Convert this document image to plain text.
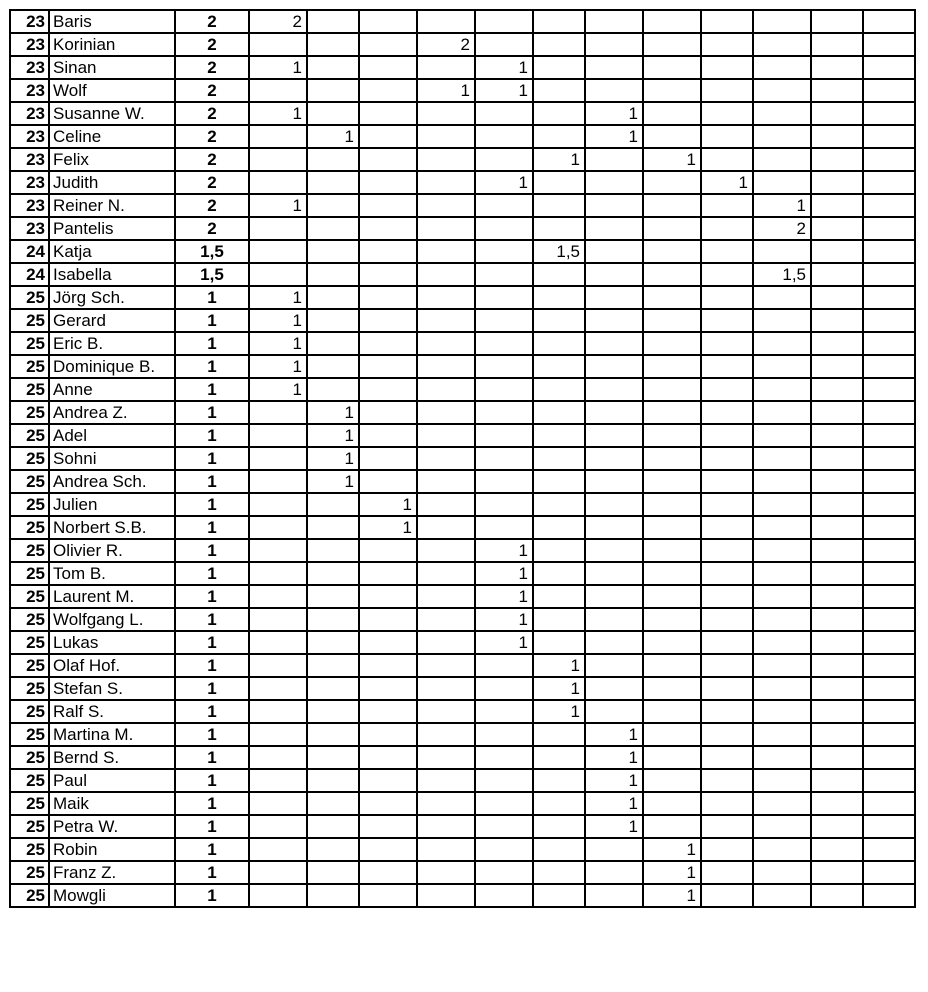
23	Baris	2	2											
23	Korinian	2				2								
23	Sinan	2	1				1							
23	Wolf	2				1	1							
23	Susanne W.	2	1						1					
23	Celine	2		1					1					
23	Felix	2						1		1				
23	Judith	2					1				1			
23	Reiner N.	2	1									1		
23	Pantelis	2										2		
24	Katja	1,5						1,5						
24	Isabella	1,5										1,5		
25	Jörg Sch.	1	1											
25	Gerard	1	1											
25	Eric B.	1	1											
25	Dominique B.	1	1											
25	Anne	1	1											
25	Andrea Z.	1		1										
25	Adel	1		1										
25	Sohni	1		1										
25	Andrea Sch.	1		1										
25	Julien	1			1									
25	Norbert S.B.	1			1									
25	Olivier R.	1					1							
25	Tom B.	1					1							
25	Laurent M.	1					1							
25	Wolfgang L.	1					1							
25	Lukas	1					1							
25	Olaf Hof.	1						1						
25	Stefan S.	1						1						
25	Ralf S.	1						1						
25	Martina M.	1							1					
25	Bernd S.	1							1					
25	Paul	1							1					
25	Maik	1							1					
25	Petra W.	1							1					
25	Robin	1								1				
25	Franz Z.	1								1				
25	Mowgli	1								1				
